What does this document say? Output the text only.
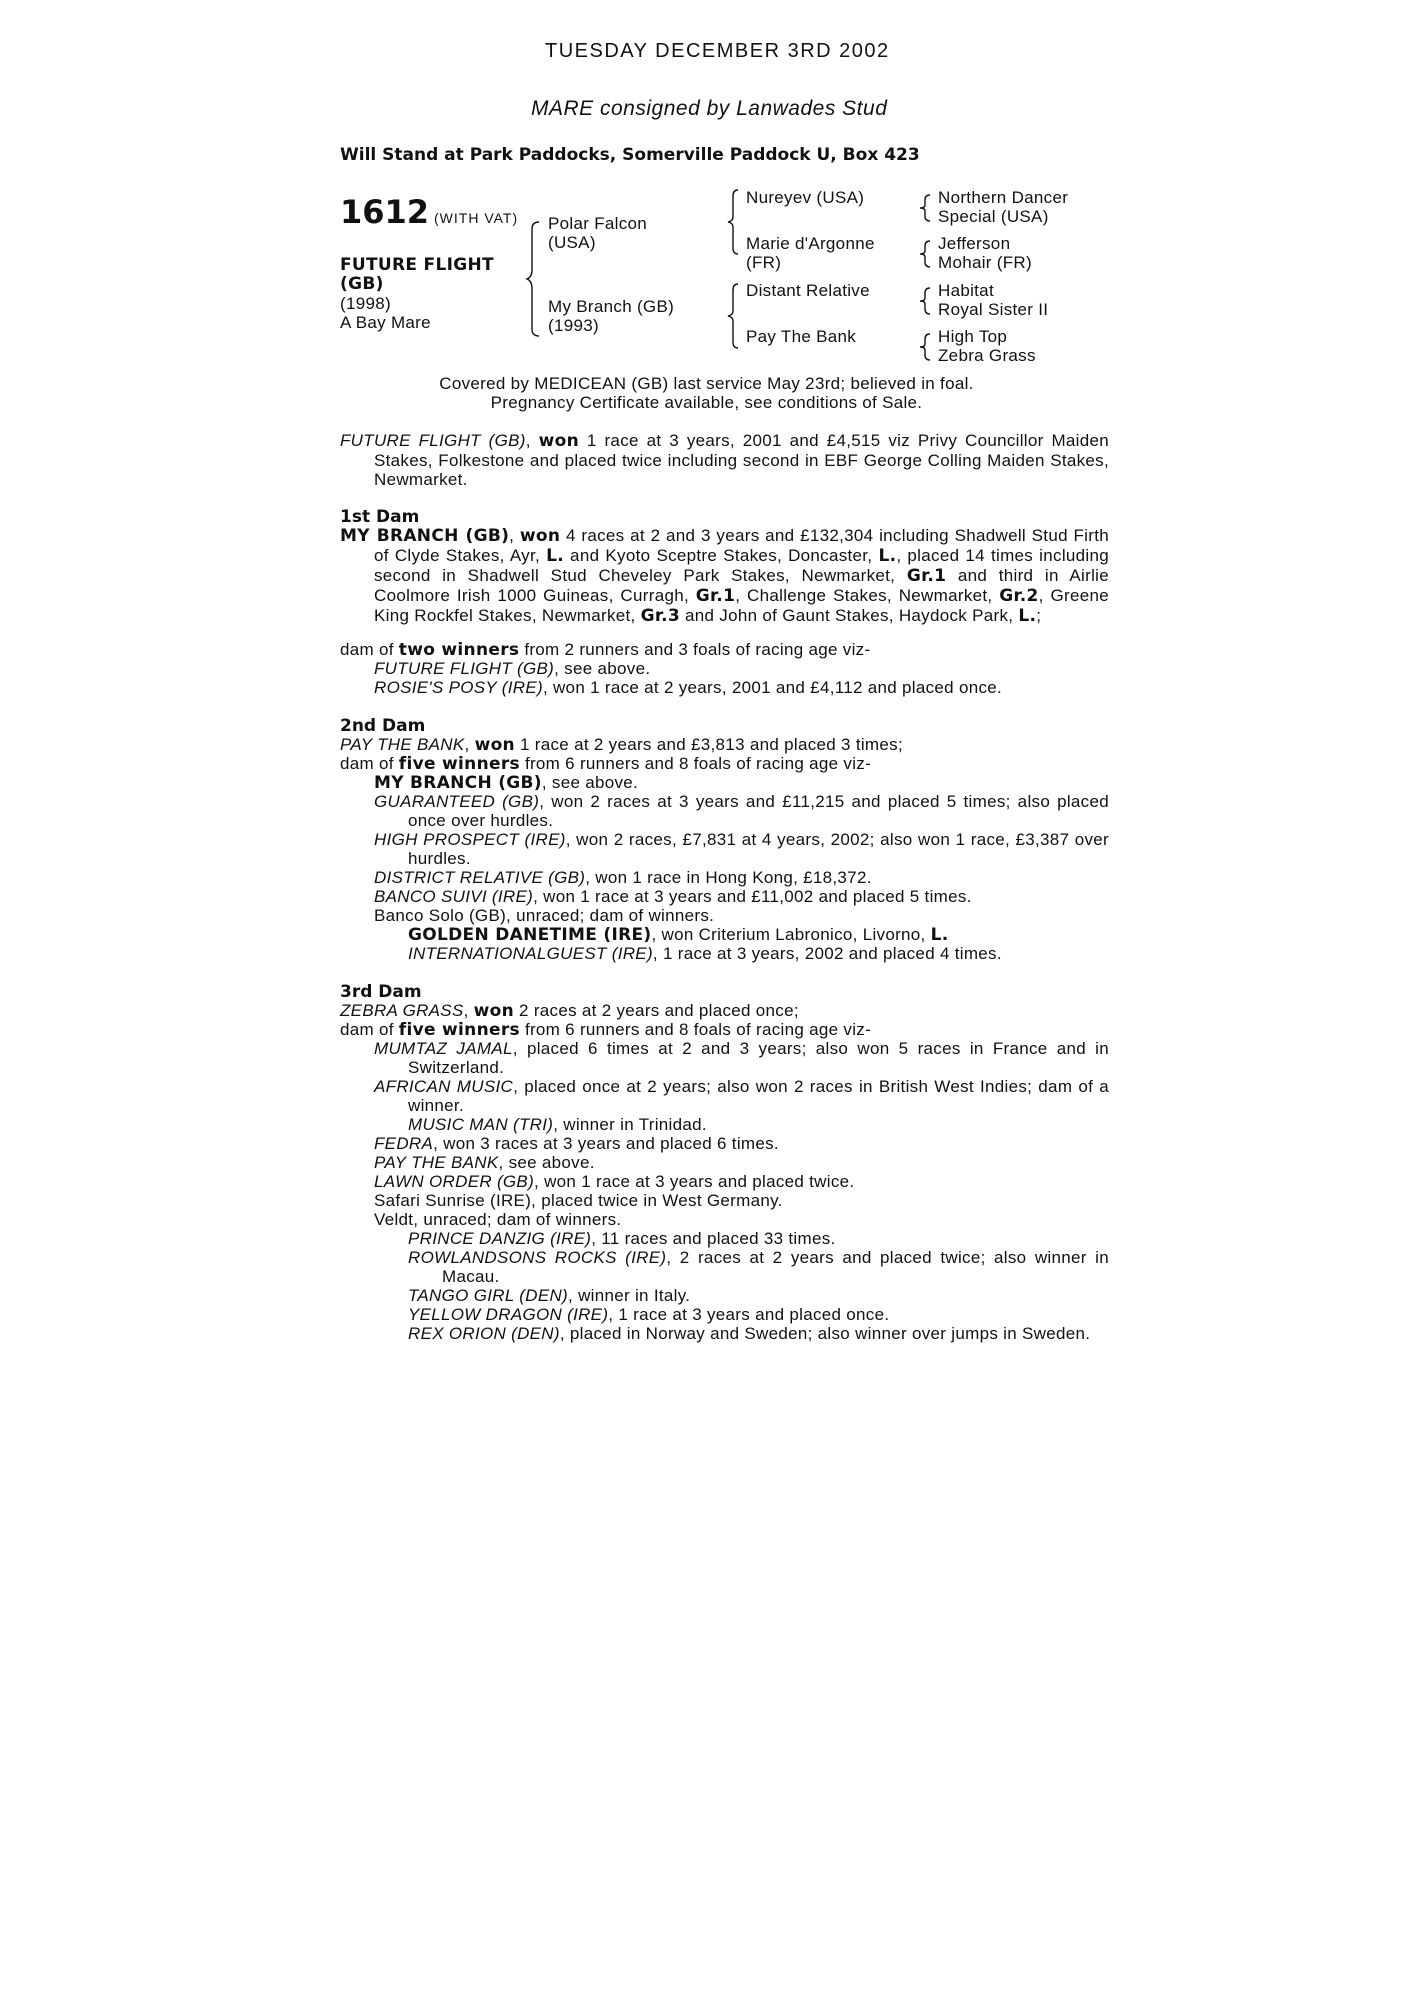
TUESDAY DECEMBER 3RD 2002
MARE consigned by Lanwades Stud
Will Stand at Park Paddocks, Somerville Paddock U, Box 423
1612 (WITH VAT)
FUTURE FLIGHT
(GB)
(1998)
A Bay Mare
Polar Falcon
(USA)
My Branch (GB)
(1993)
Nureyev (USA)
Marie d'Argonne
(FR)
Distant Relative
Pay The Bank
Northern Dancer
Special (USA)
Jefferson
Mohair (FR)
Habitat
Royal Sister II
High Top
Zebra Grass
Covered by MEDICEAN (GB) last service May 23rd; believed in foal.
Pregnancy Certificate available, see conditions of Sale.
FUTURE FLIGHT (GB), won 1 race at 3 years, 2001 and £4,515 viz Privy Councillor Maiden Stakes, Folkestone and placed twice including second in EBF George Colling Maiden Stakes, Newmarket.
1st Dam
MY BRANCH (GB), won 4 races at 2 and 3 years and £132,304 including Shadwell Stud Firth of Clyde Stakes, Ayr, L. and Kyoto Sceptre Stakes, Doncaster, L., placed 14 times including second in Shadwell Stud Cheveley Park Stakes, Newmarket, Gr.1 and third in Airlie Coolmore Irish 1000 Guineas, Curragh, Gr.1, Challenge Stakes, Newmarket, Gr.2, Greene King Rockfel Stakes, Newmarket, Gr.3 and John of Gaunt Stakes, Haydock Park, L.;
dam of two winners from 2 runners and 3 foals of racing age viz-
FUTURE FLIGHT (GB), see above.
ROSIE'S POSY (IRE), won 1 race at 2 years, 2001 and £4,112 and placed once.
2nd Dam
PAY THE BANK, won 1 race at 2 years and £3,813 and placed 3 times;
dam of five winners from 6 runners and 8 foals of racing age viz-
MY BRANCH (GB), see above.
GUARANTEED (GB), won 2 races at 3 years and £11,215 and placed 5 times; also placed once over hurdles.
HIGH PROSPECT (IRE), won 2 races, £7,831 at 4 years, 2002; also won 1 race, £3,387 over hurdles.
DISTRICT RELATIVE (GB), won 1 race in Hong Kong, £18,372.
BANCO SUIVI (IRE), won 1 race at 3 years and £11,002 and placed 5 times.
Banco Solo (GB), unraced; dam of winners.
GOLDEN DANETIME (IRE), won Criterium Labronico, Livorno, L.
INTERNATIONALGUEST (IRE), 1 race at 3 years, 2002 and placed 4 times.
3rd Dam
ZEBRA GRASS, won 2 races at 2 years and placed once;
dam of five winners from 6 runners and 8 foals of racing age viz-
MUMTAZ JAMAL, placed 6 times at 2 and 3 years; also won 5 races in France and in Switzerland.
AFRICAN MUSIC, placed once at 2 years; also won 2 races in British West Indies; dam of a winner.
MUSIC MAN (TRI), winner in Trinidad.
FEDRA, won 3 races at 3 years and placed 6 times.
PAY THE BANK, see above.
LAWN ORDER (GB), won 1 race at 3 years and placed twice.
Safari Sunrise (IRE), placed twice in West Germany.
Veldt, unraced; dam of winners.
PRINCE DANZIG (IRE), 11 races and placed 33 times.
ROWLANDSONS ROCKS (IRE), 2 races at 2 years and placed twice; also winner in Macau.
TANGO GIRL (DEN), winner in Italy.
YELLOW DRAGON (IRE), 1 race at 3 years and placed once.
REX ORION (DEN), placed in Norway and Sweden; also winner over jumps in Sweden.
